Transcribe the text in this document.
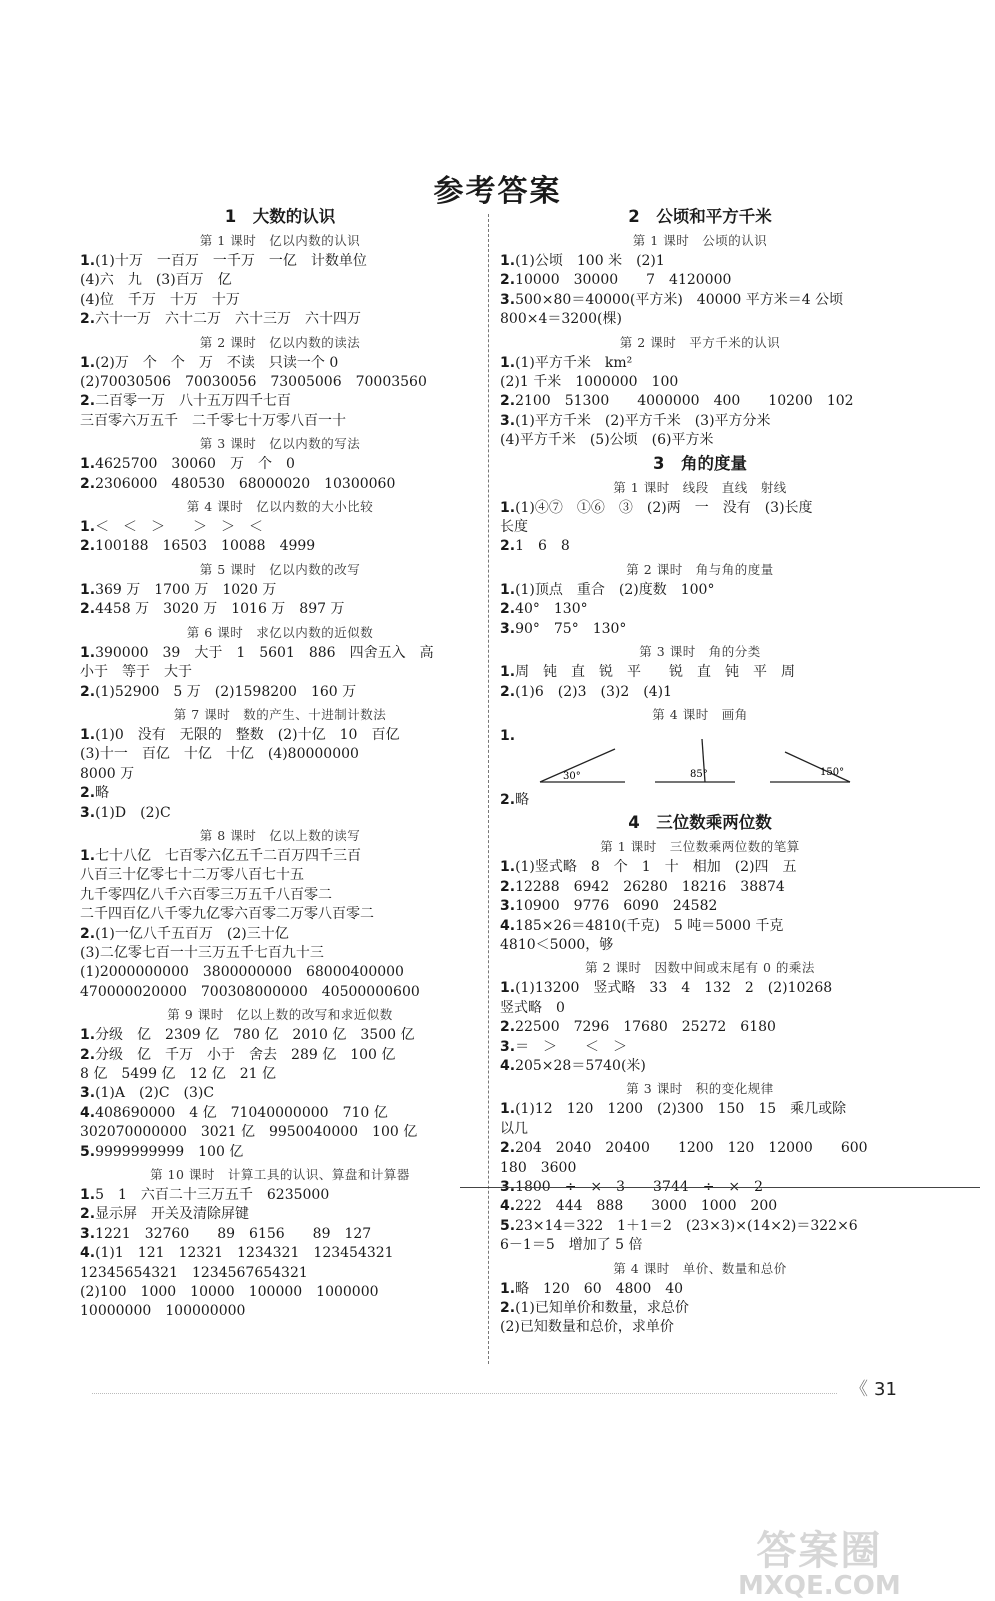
参考答案
1　大数的认识
第 1 课时　亿以内数的认识
1.(1)十万　一百万　一千万　一亿　计数单位
(4)六　九　(3)百万　亿
(4)位　千万　十万　十万
2.六十一万　六十二万　六十三万　六十四万
第 2 课时　亿以内数的读法
1.(2)万　个　个　万　不读　只读一个 0
(2)70030506　70030056　73005006　70003560
2.二百零一万　八十五万四千七百
三百零六万五千　二千零七十万零八百一十
第 3 课时　亿以内数的写法
1.4625700　30060　万　个　0
2.2306000　480530　68000020　10300060
第 4 课时　亿以内数的大小比较
1.＜　＜　＞　　＞　＞　＜
2.100188　16503　10088　4999
第 5 课时　亿以内数的改写
1.369 万　1700 万　1020 万
2.4458 万　3020 万　1016 万　897 万
第 6 课时　求亿以内数的近似数
1.390000　39　大于　1　5601　886　四舍五入　高
小于　等于　大于
2.(1)52900　5 万　(2)1598200　160 万
第 7 课时　数的产生、十进制计数法
1.(1)0　没有　无限的　整数　(2)十亿　10　百亿
(3)十一　百亿　十亿　十亿　(4)80000000
8000 万
2.略
3.(1)D　(2)C
第 8 课时　亿以上数的读写
1.七十八亿　七百零六亿五千二百万四千三百
八百三十亿零七十二万零八百七十五
九千零四亿八千六百零三万五千八百零二
二千四百亿八千零九亿零六百零二万零八百零二
2.(1)一亿八千五百万　(2)三十亿
(3)二亿零七百一十三万五千七百九十三
(1)2000000000　3800000000　68000400000
470000020000　700308000000　40500000600
第 9 课时　亿以上数的改写和求近似数
1.分级　亿　2309 亿　780 亿　2010 亿　3500 亿
2.分级　亿　千万　小于　舍去　289 亿　100 亿
8 亿　5499 亿　12 亿　21 亿
3.(1)A　(2)C　(3)C
4.408690000　4 亿　71040000000　710 亿
302070000000　3021 亿　9950040000　100 亿
5.9999999999　100 亿
第 10 课时　计算工具的认识、算盘和计算器
1.5　1　六百二十三万五千　6235000
2.显示屏　开关及清除屏键
3.1221　32760　　89　6156　　89　127
4.(1)1　121　12321　1234321　123454321
12345654321　1234567654321
(2)100　1000　10000　100000　1000000
10000000　100000000
2　公顷和平方千米
第 1 课时　公顷的认识
1.(1)公顷　100 米　(2)1
2.10000　30000　　7　4120000
3.500×80＝40000(平方米)　40000 平方米＝4 公顷
800×4＝3200(棵)
第 2 课时　平方千米的认识
1.(1)平方千米　km²
(2)1 千米　1000000　100
2.2100　51300　　4000000　400　　10200　102
3.(1)平方千米　(2)平方千米　(3)平方分米
(4)平方千米　(5)公顷　(6)平方米
3　角的度量
第 1 课时　线段　直线　射线
1.(1)④⑦　①⑥　③　(2)两　一　没有　(3)长度
长度
2.1　6　8
第 2 课时　角与角的度量
1.(1)顶点　重合　(2)度数　100°
2.40°　130°
3.90°　75°　130°
第 3 课时　角的分类
1.周　钝　直　锐　平　　锐　直　钝　平　周
2.(1)6　(2)3　(3)2　(4)1
第 4 课时　画角
1.
30°	85°	150°
2.略
4　三位数乘两位数
第 1 课时　三位数乘两位数的笔算
1.(1)竖式略　8　个　1　十　相加　(2)四　五
2.12288　6942　26280　18216　38874
3.10900　9776　6090　24582
4.185×26＝4810(千克)　5 吨＝5000 千克
4810＜5000，够
第 2 课时　因数中间或末尾有 0 的乘法
1.(1)13200　竖式略　33　4　132　2　(2)10268
竖式略　0
2.22500　7296　17680　25272　6180
3.＝　＞　　＜　＞
4.205×28＝5740(米)
第 3 课时　积的变化规律
1.(1)12　120　1200　(2)300　150　15　乘几或除
以几
2.204　2040　20400　　1200　120　12000　　600
180　3600
3.1800　÷　×　3　　3744　÷　×　2
4.222　444　888　　3000　1000　200
5.23×14＝322　1＋1＝2　(23×3)×(14×2)＝322×6
6－1＝5　增加了 5 倍
第 4 课时　单价、数量和总价
1.略　120　60　4800　40
2.(1)已知单价和数量，求总价
(2)已知数量和总价，求单价
《 31
答案圈
MXQE.COM
